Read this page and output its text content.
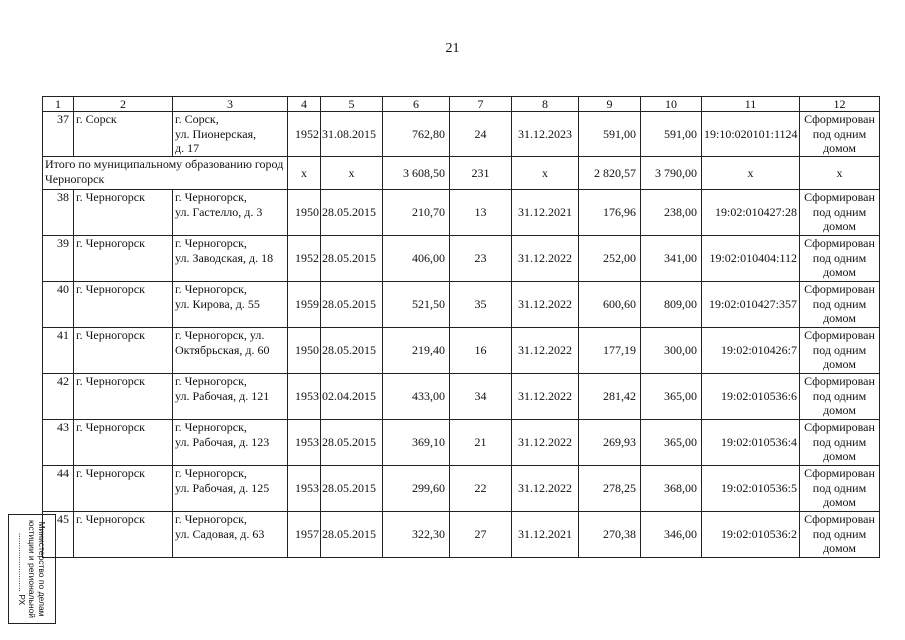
21
1	2	3	4	5	6	7	8	9	10	11	12
37	г. Сорск	г. Сорск,
ул. Пионерская,
д. 17	1952	31.08.2015	762,80	24	31.12.2023	591,00	591,00	19:10:020101:1124	Сформирован под одним домом
Итого по муниципальному образованию город Черногорск			х	х	3 608,50	231	х	2 820,57	3 790,00	х	х
38	г. Черногорск	г. Черногорск,
ул. Гастелло, д. 3	1950	28.05.2015	210,70	13	31.12.2021	176,96	238,00	19:02:010427:28	Сформирован под одним домом
39	г. Черногорск	г. Черногорск,
ул. Заводская, д. 18	1952	28.05.2015	406,00	23	31.12.2022	252,00	341,00	19:02:010404:112	Сформирован под одним домом
40	г. Черногорск	г. Черногорск,
ул. Кирова, д. 55	1959	28.05.2015	521,50	35	31.12.2022	600,60	809,00	19:02:010427:357	Сформирован под одним домом
41	г. Черногорск	г. Черногорск, ул.
Октябрьская, д. 60	1950	28.05.2015	219,40	16	31.12.2022	177,19	300,00	19:02:010426:7	Сформирован под одним домом
42	г. Черногорск	г. Черногорск,
ул. Рабочая, д. 121	1953	02.04.2015	433,00	34	31.12.2022	281,42	365,00	19:02:010536:6	Сформирован под одним домом
43	г. Черногорск	г. Черногорск,
ул. Рабочая, д. 123	1953	28.05.2015	369,10	21	31.12.2022	269,93	365,00	19:02:010536:4	Сформирован под одним домом
44	г. Черногорск	г. Черногорск,
ул. Рабочая, д. 125	1953	28.05.2015	299,60	22	31.12.2022	278,25	368,00	19:02:010536:5	Сформирован под одним домом
45	г. Черногорск	г. Черногорск,
ул. Садовая, д. 63	1957	28.05.2015	322,30	27	31.12.2021	270,38	346,00	19:02:010536:2	Сформирован под одним домом
Министерство по делам
юстиции и региональной
......................... РХ
